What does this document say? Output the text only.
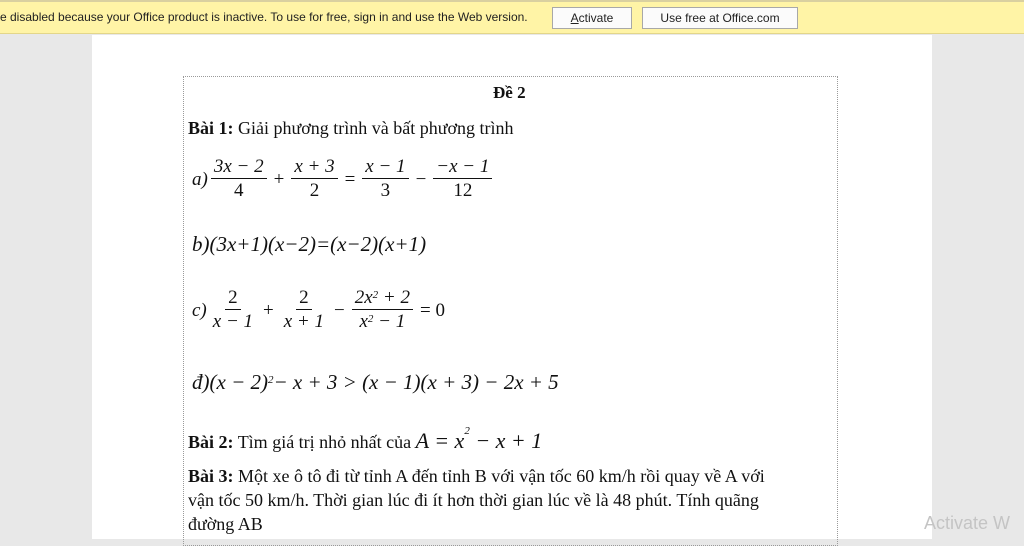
e disabled because your Office product is inactive. To use for free, sign in and use the Web version.	Activate	Use free at Office.com
Đề 2
Bài 1: Giải phương trình và bất phương trình
$a) \frac{3x - 2}{4} + \frac{x + 3}{2} = \frac{x - 1}{3} - \frac{-x - 1}{12}$
b)(3x+1)(x−2)=(x−2)(x+1)
$c) \frac{2}{x - 1} + \frac{2}{x + 1} - \frac{2x^2 + 2}{x^2 - 1} = 0$
đ) $(x - 2)^2 - x + 3 > (x - 1)(x + 3) - 2x + 5$
Bài 2: Tìm giá trị nhỏ nhất của $A = x^2 - x + 1$
Bài 3: Một xe ô tô đi từ tỉnh A đến tỉnh B với vận tốc 60 km/h rồi quay về A với
vận tốc 50 km/h. Thời gian lúc đi ít hơn thời gian lúc về là 48 phút. Tính quãng
đường AB	Activate W
